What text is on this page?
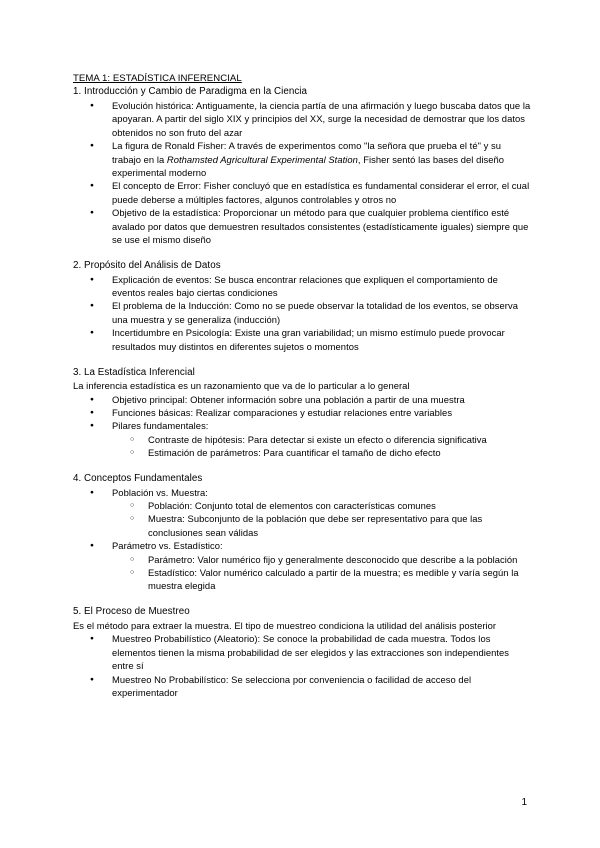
TEMA 1: ESTADÍSTICA INFERENCIAL

1. Introducción y Cambio de Paradigma en la Ciencia

● Evolución histórica: Antiguamente, la ciencia partía de una afirmación y luego buscaba datos que la apoyaran. A partir del siglo XIX y principios del XX, surge la necesidad de demostrar que los datos obtenidos no son fruto del azar
● La figura de Ronald Fisher: A través de experimentos como "la señora que prueba el té" y su trabajo en la Rothamsted Agricultural Experimental Station, Fisher sentó las bases del diseño experimental moderno
● El concepto de Error: Fisher concluyó que en estadística es fundamental considerar el error, el cual puede deberse a múltiples factores, algunos controlables y otros no
● Objetivo de la estadística: Proporcionar un método para que cualquier problema científico esté avalado por datos que demuestren resultados consistentes (estadísticamente iguales) siempre que se use el mismo diseño

2. Propósito del Análisis de Datos

● Explicación de eventos: Se busca encontrar relaciones que expliquen el comportamiento de eventos reales bajo ciertas condiciones
● El problema de la Inducción: Como no se puede observar la totalidad de los eventos, se observa una muestra y se generaliza (inducción)
● Incertidumbre en Psicología: Existe una gran variabilidad; un mismo estímulo puede provocar resultados muy distintos en diferentes sujetos o momentos

3. La Estadística Inferencial

La inferencia estadística es un razonamiento que va de lo particular a lo general

● Objetivo principal: Obtener información sobre una población a partir de una muestra
● Funciones básicas: Realizar comparaciones y estudiar relaciones entre variables
● Pilares fundamentales:
○ Contraste de hipótesis: Para detectar si existe un efecto o diferencia significativa
○ Estimación de parámetros: Para cuantificar el tamaño de dicho efecto

4. Conceptos Fundamentales

● Población vs. Muestra:
○ Población: Conjunto total de elementos con características comunes
○ Muestra: Subconjunto de la población que debe ser representativo para que las conclusiones sean válidas
● Parámetro vs. Estadístico:
○ Parámetro: Valor numérico fijo y generalmente desconocido que describe a la población
○ Estadístico: Valor numérico calculado a partir de la muestra; es medible y varía según la muestra elegida

5. El Proceso de Muestreo

Es el método para extraer la muestra. El tipo de muestreo condiciona la utilidad del análisis posterior

● Muestreo Probabilístico (Aleatorio): Se conoce la probabilidad de cada muestra. Todos los elementos tienen la misma probabilidad de ser elegidos y las extracciones son independientes entre sí
● Muestreo No Probabilístico: Se selecciona por conveniencia o facilidad de acceso del experimentador
1
